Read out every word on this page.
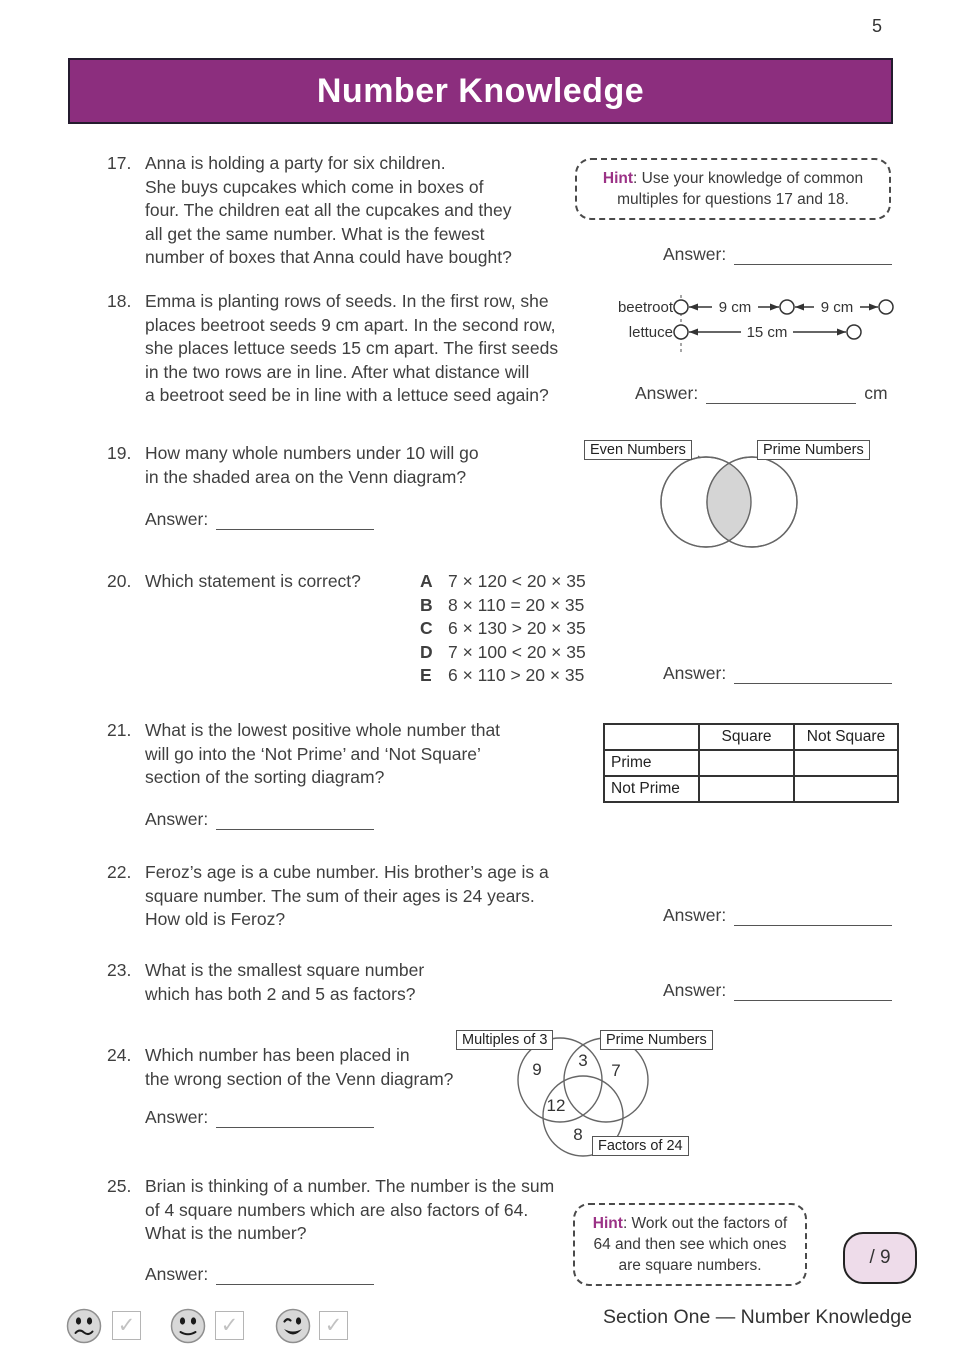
5
Number Knowledge
17. Anna is holding a party for six children.
She buys cupcakes which come in boxes of
four. The children eat all the cupcakes and they
all get the same number. What is the fewest
number of boxes that Anna could have bought?
Hint: Use your knowledge of common multiples for questions 17 and 18.
Answer:
18. Emma is planting rows of seeds. In the first row, she
places beetroot seeds 9 cm apart. In the second row,
she places lettuce seeds 15 cm apart. The first seeds
in the two rows are in line. After what distance will
a beetroot seed be in line with a lettuce seed again?
beetroot	9 cm	9 cm
lettuce	15 cm
Answer:	cm
19. How many whole numbers under 10 will go
in the shaded area on the Venn diagram?
Even Numbers	Prime Numbers
Answer:
20. Which statement is correct?	A 7 × 120 < 20 × 35
B 8 × 110 = 20 × 35
C 6 × 130 > 20 × 35
D 7 × 100 < 20 × 35
E 6 × 110 > 20 × 35	Answer:
21. What is the lowest positive whole number that
will go into the ‘Not Prime’ and ‘Not Square’
section of the sorting diagram?
	Square	Not Square
Prime		
Not Prime		
Answer:
22. Feroz’s age is a cube number. His brother’s age is a
square number. The sum of their ages is 24 years.
How old is Feroz?	Answer:
23. What is the smallest square number
which has both 2 and 5 as factors?	Answer:
24. Which number has been placed in
the wrong section of the Venn diagram?	9 3
7
12
8
Multiples of 3	Prime Numbers
Factors of 24
Answer:
25. Brian is thinking of a number. The number is the sum
of 4 square numbers which are also factors of 64.
What is the number?	Hint: Work out the factors of 64 and then see which ones are square numbers.	/ 9
Answer:
✓	✓	✓	Section One — Number Knowledge
